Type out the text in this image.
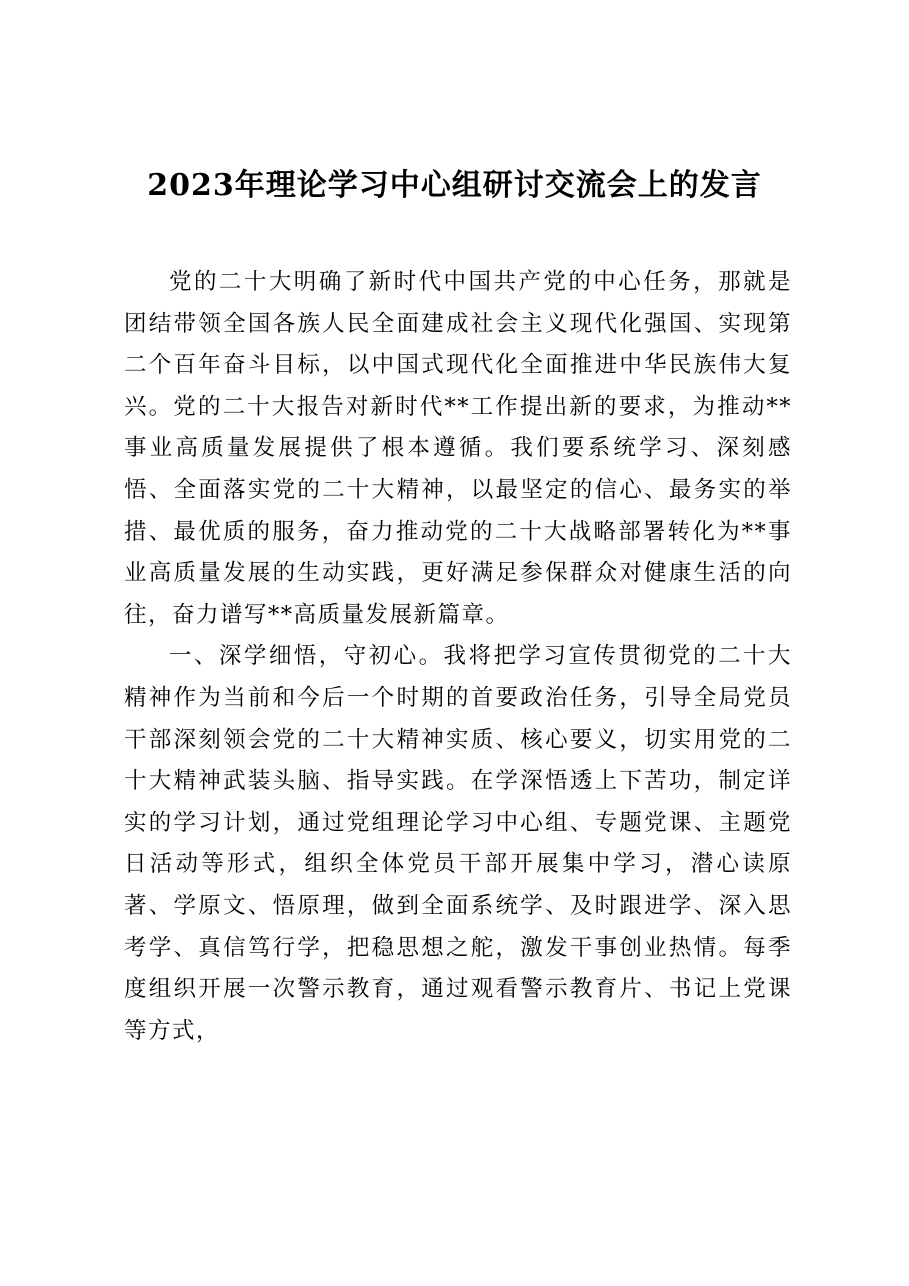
2023年理论学习中心组研讨交流会上的发言

党的二十大明确了新时代中国共产党的中心任务，那就是团结带领全国各族人民全面建成社会主义现代化强国、实现第二个百年奋斗目标，以中国式现代化全面推进中华民族伟大复兴。党的二十大报告对新时代**工作提出新的要求，为推动**事业高质量发展提供了根本遵循。我们要系统学习、深刻感悟、全面落实党的二十大精神，以最坚定的信心、最务实的举措、最优质的服务，奋力推动党的二十大战略部署转化为**事业高质量发展的生动实践，更好满足参保群众对健康生活的向往，奋力谱写**高质量发展新篇章。

一、深学细悟，守初心。我将把学习宣传贯彻党的二十大精神作为当前和今后一个时期的首要政治任务，引导全局党员干部深刻领会党的二十大精神实质、核心要义，切实用党的二十大精神武装头脑、指导实践。在学深悟透上下苦功，制定详实的学习计划，通过党组理论学习中心组、专题党课、主题党日活动等形式，组织全体党员干部开展集中学习，潜心读原著、学原文、悟原理，做到全面系统学、及时跟进学、深入思考学、真信笃行学，把稳思想之舵，激发干事创业热情。每季度组织开展一次警示教育，通过观看警示教育片、书记上党课等方式，
